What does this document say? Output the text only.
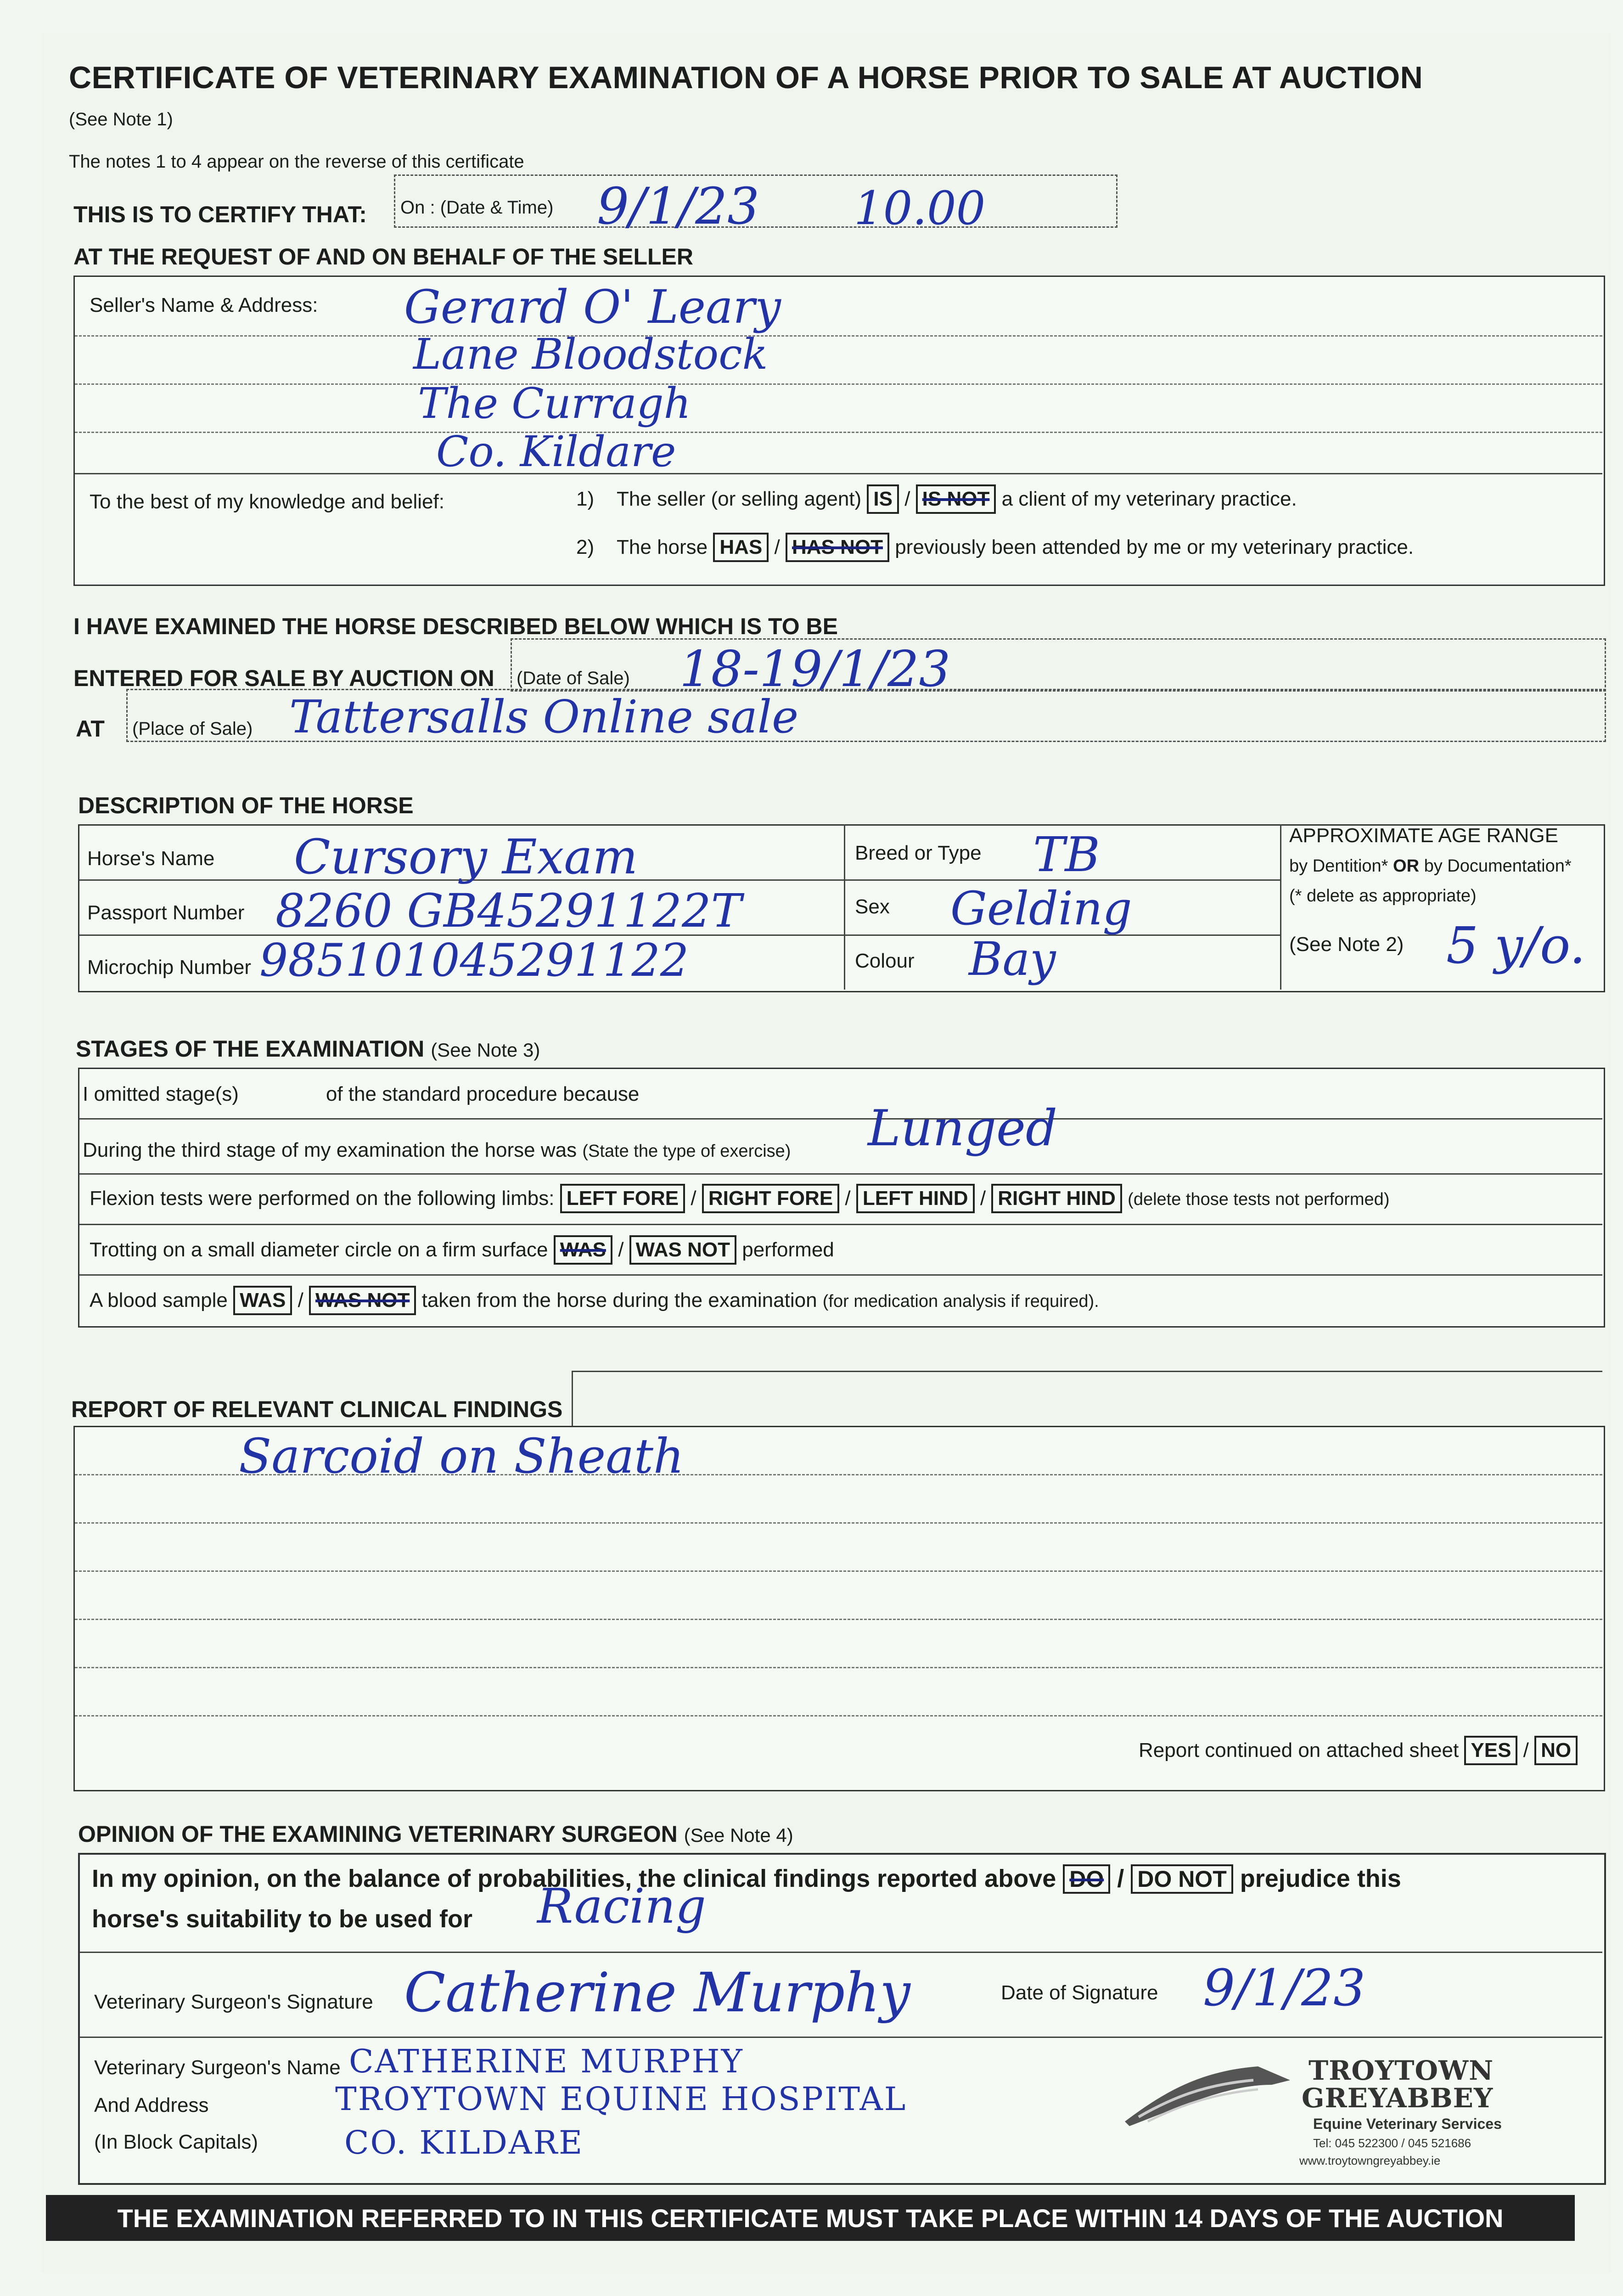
CERTIFICATE OF VETERINARY EXAMINATION OF A HORSE PRIOR TO SALE AT AUCTION
(See Note 1)
The notes 1 to 4 appear on the reverse of this certificate
THIS IS TO CERTIFY THAT: On : (Date & Time) 9/1/23 10.00
AT THE REQUEST OF AND ON BEHALF OF THE SELLER
Seller's Name & Address: Gerard O' Leary
Lane Bloodstock
The Curragh
Co. Kildare
To the best of my knowledge and belief:	1) The seller (or selling agent) IS / IS NOT a client of my veterinary practice.
2) The horse HAS / HAS NOT previously been attended by me or my veterinary practice.
I HAVE EXAMINED THE HORSE DESCRIBED BELOW WHICH IS TO BE
ENTERED FOR SALE BY AUCTION ON (Date of Sale) 18-19/1/23
AT (Place of Sale) Tattersalls Online sale
DESCRIPTION OF THE HORSE
Horse's Name Cursory Exam
Passport Number 8260 GB45291122T
Microchip Number 985101045291122
Breed or Type TB
Sex Gelding
Colour Bay
APPROXIMATE AGE RANGE
by Dentition* OR by Documentation*
(* delete as appropriate)
(See Note 2) 5 y/o.
STAGES OF THE EXAMINATION (See Note 3)
I omitted stage(s)	of the standard procedure because
During the third stage of my examination the horse was (State the type of exercise) Lunged
Flexion tests were performed on the following limbs: LEFT FORE / RIGHT FORE / LEFT HIND / RIGHT HIND (delete those tests not performed)
Trotting on a small diameter circle on a firm surface WAS / WAS NOT performed
A blood sample WAS / WAS NOT taken from the horse during the examination (for medication analysis if required).
REPORT OF RELEVANT CLINICAL FINDINGS
Sarcoid on Sheath
Report continued on attached sheet YES / NO
OPINION OF THE EXAMINING VETERINARY SURGEON (See Note 4)
In my opinion, on the balance of probabilities, the clinical findings reported above DO / DO NOT prejudice this
horse's suitability to be used for Racing
Veterinary Surgeon's Signature Catherine Murphy	Date of Signature 9/1/23
Veterinary Surgeon's Name
And Address
(In Block Capitals)
CATHERINE MURPHY
TROYTOWN EQUINE HOSPITAL
CO. KILDARE
TROYTOWN
GREYABBEY
Equine Veterinary Services
Tel: 045 522300 / 045 521686
www.troytowngreyabbey.ie
THE EXAMINATION REFERRED TO IN THIS CERTIFICATE MUST TAKE PLACE WITHIN 14 DAYS OF THE AUCTION
